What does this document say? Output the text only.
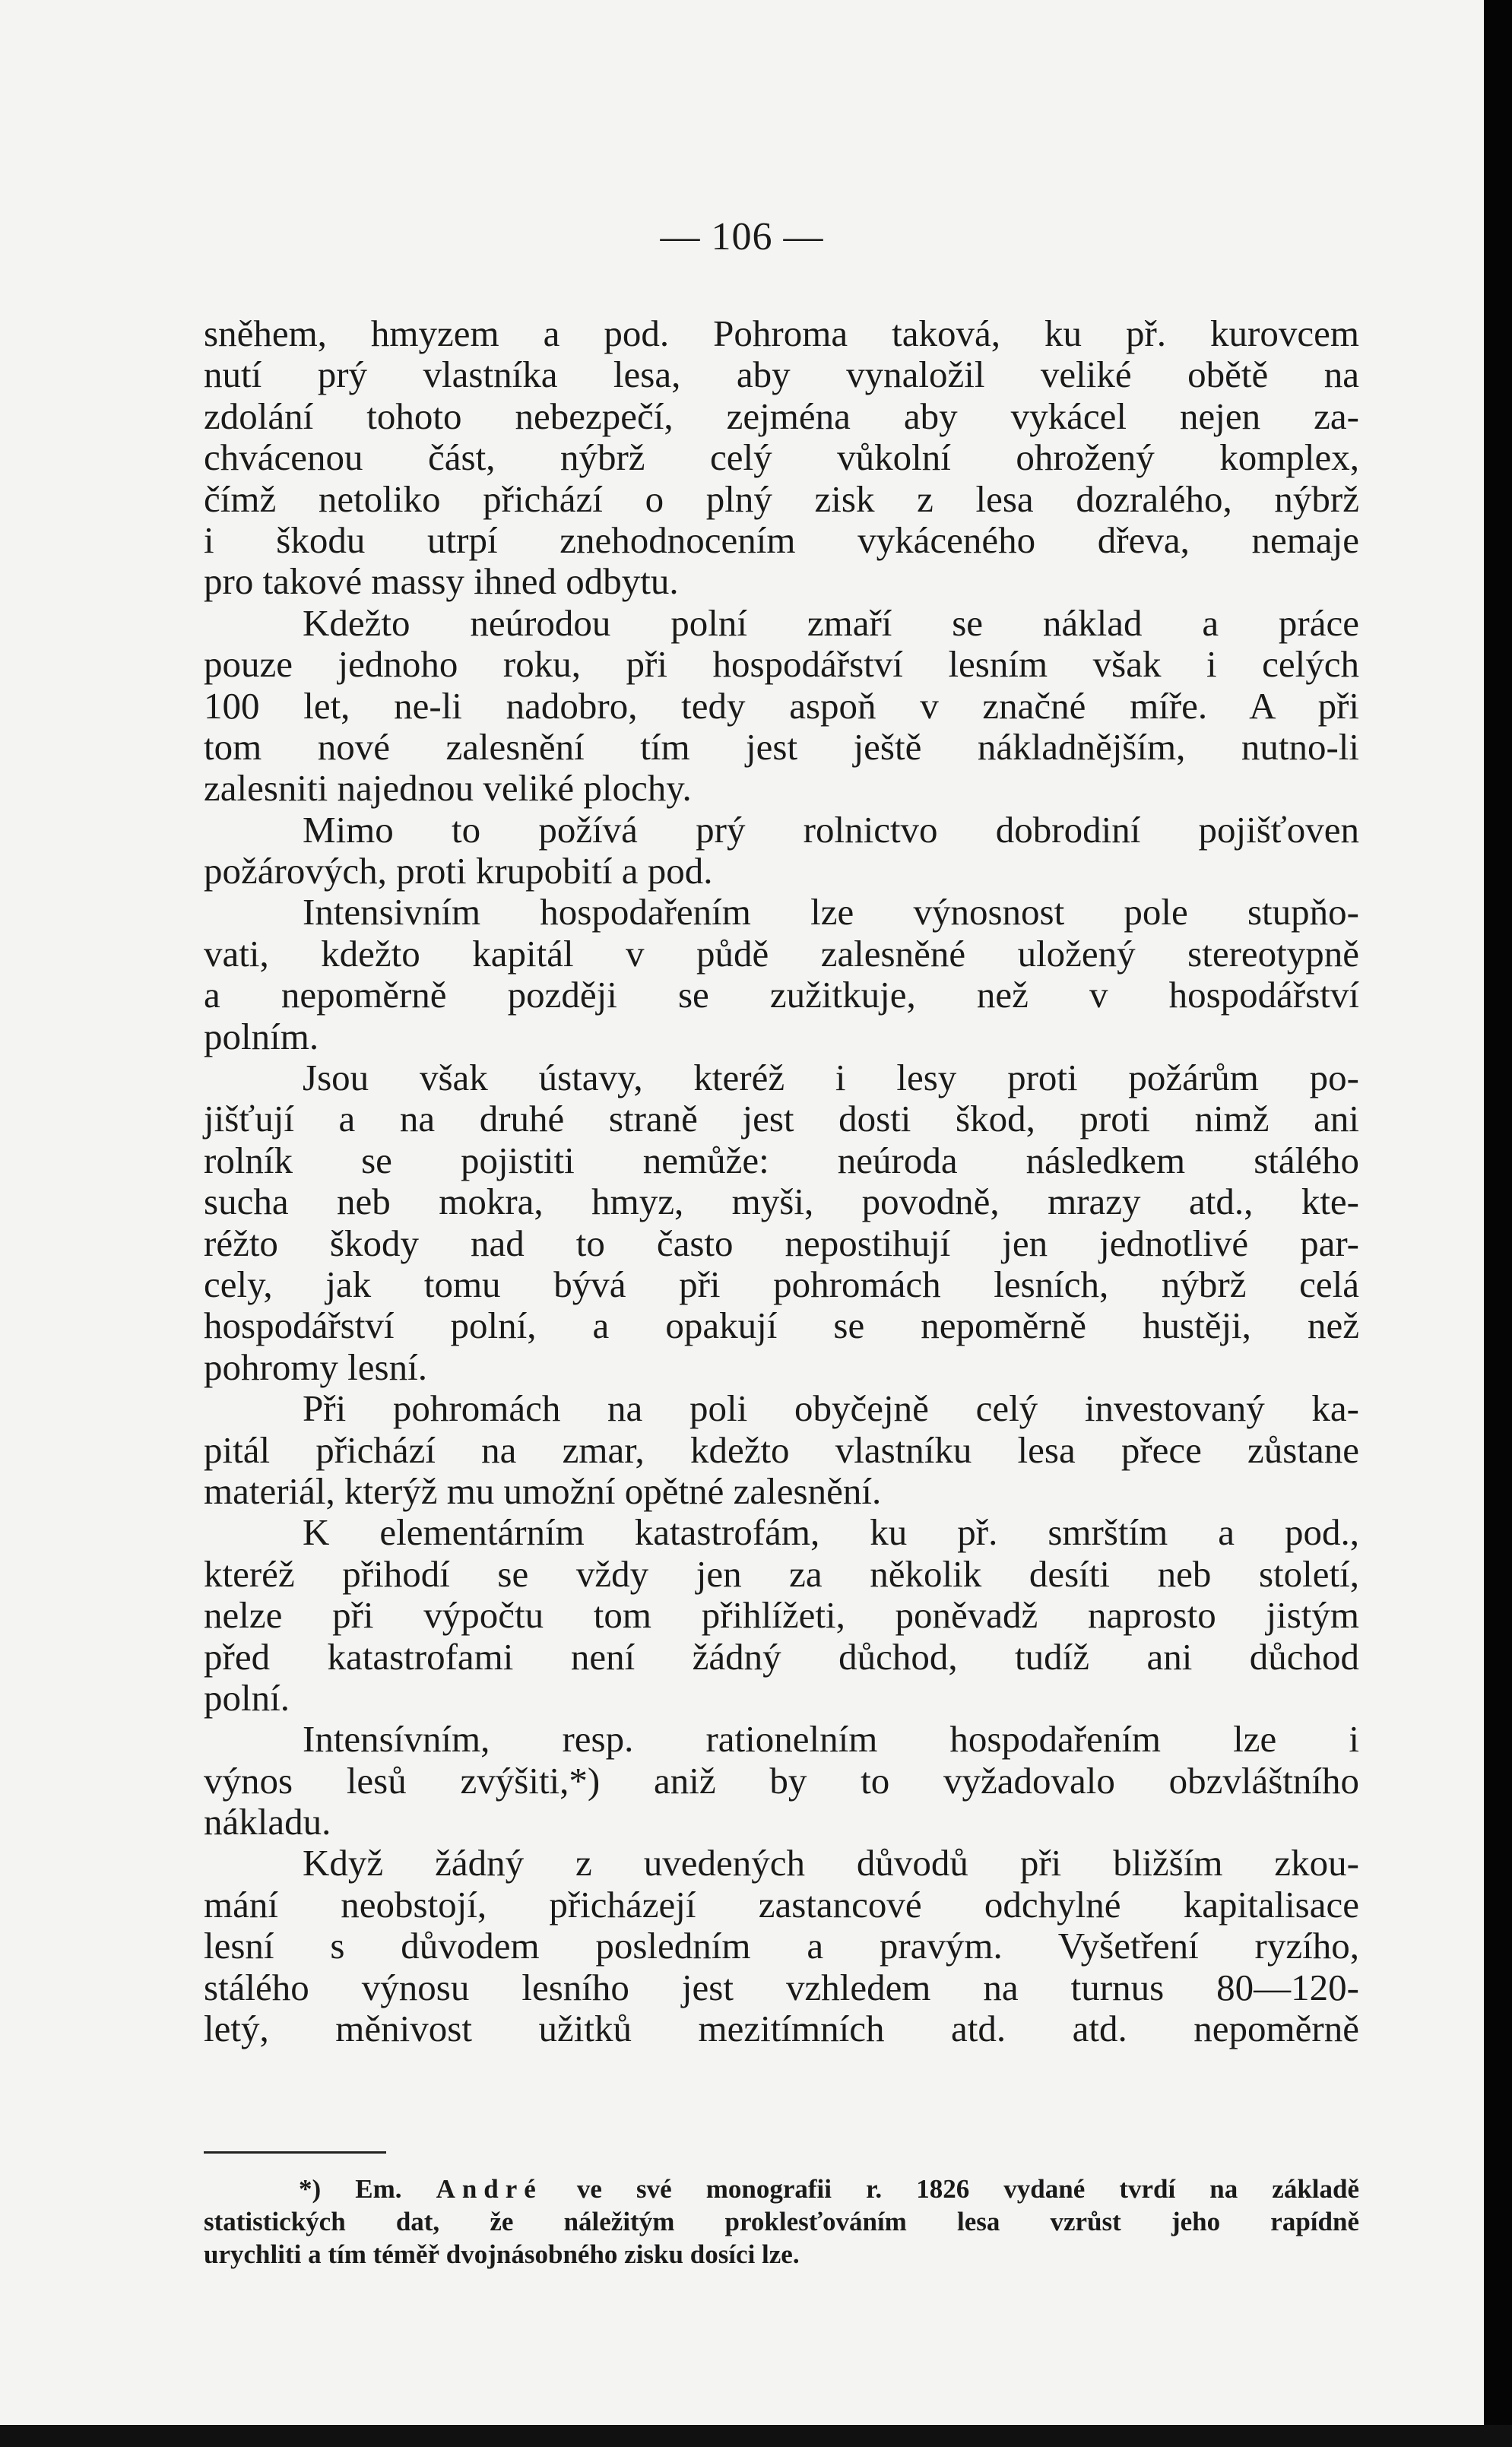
— 106 —
sněhem, hmyzem a pod. Pohroma taková, ku př. kurovcem
nutí prý vlastníka lesa, aby vynaložil veliké obětě na
zdolání tohoto nebezpečí, zejména aby vykácel nejen za-
chvácenou část, nýbrž celý vůkolní ohrožený komplex,
čímž netoliko přichází o plný zisk z lesa dozralého, nýbrž
i škodu utrpí znehodnocením vykáceného dřeva, nemaje
pro takové massy ihned odbytu.
Kdežto neúrodou polní zmaří se náklad a práce
pouze jednoho roku, při hospodářství lesním však i celých
100 let, ne-li nadobro, tedy aspoň v značné míře. A při
tom nové zalesnění tím jest ještě nákladnějším, nutno-li
zalesniti najednou veliké plochy.
Mimo to požívá prý rolnictvo dobrodiní pojišťoven
požárových, proti krupobití a pod.
Intensivním hospodařením lze výnosnost pole stupňo-
vati, kdežto kapitál v půdě zalesněné uložený stereotypně
a nepoměrně později se zužitkuje, než v hospodářství
polním.
Jsou však ústavy, kteréž i lesy proti požárům po-
jišťují a na druhé straně jest dosti škod, proti nimž ani
rolník se pojistiti nemůže: neúroda následkem stálého
sucha neb mokra, hmyz, myši, povodně, mrazy atd., kte-
réžto škody nad to často nepostihují jen jednotlivé par-
cely, jak tomu bývá při pohromách lesních, nýbrž celá
hospodářství polní, a opakují se nepoměrně hustěji, než
pohromy lesní.
Při pohromách na poli obyčejně celý investovaný ka-
pitál přichází na zmar, kdežto vlastníku lesa přece zůstane
materiál, kterýž mu umožní opětné zalesnění.
K elementárním katastrofám, ku př. smrštím a pod.,
kteréž přihodí se vždy jen za několik desíti neb století,
nelze při výpočtu tom přihlížeti, poněvadž naprosto jistým
před katastrofami není žádný důchod, tudíž ani důchod
polní.
Intensívním, resp. rationelním hospodařením lze i
výnos lesů zvýšiti,*) aniž by to vyžadovalo obzvláštního
nákladu.
Když žádný z uvedených důvodů při bližším zkou-
mání neobstojí, přicházejí zastancové odchylné kapitalisace
lesní s důvodem posledním a pravým. Vyšetření ryzího,
stálého výnosu lesního jest vzhledem na turnus 80—120-
letý, měnivost užitků mezitímních atd. atd. nepoměrně
*) Em. André ve své monografii r. 1826 vydané tvrdí na základě
statistických dat, že náležitým proklesťováním lesa vzrůst jeho rapídně
urychliti a tím téměř dvojnásobného zisku dosíci lze.
